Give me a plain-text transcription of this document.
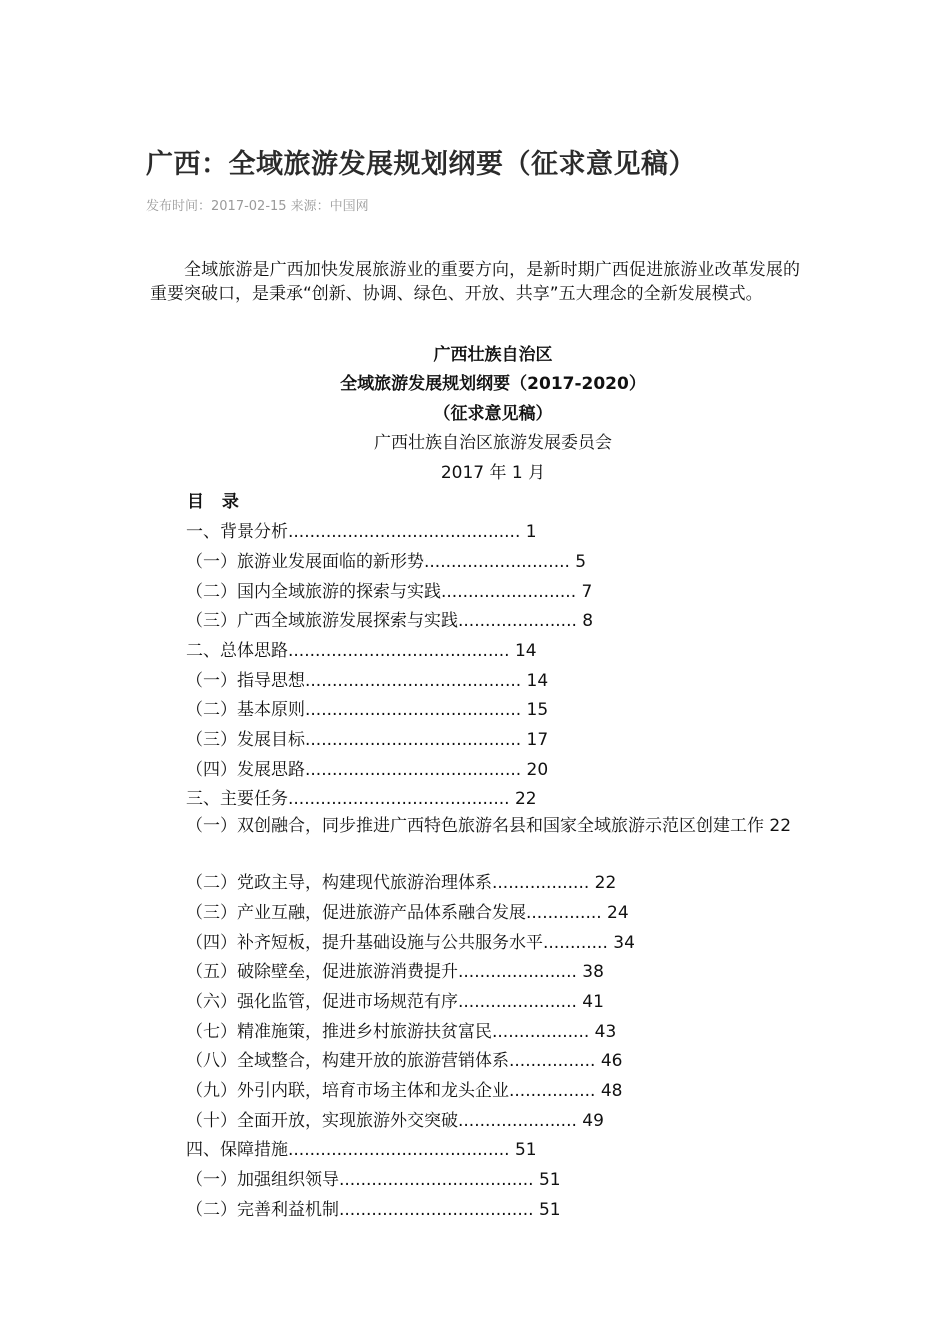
广西：全域旅游发展规划纲要（征求意见稿）
发布时间：2017-02-15 来源：中国网
全域旅游是广西加快发展旅游业的重要方向，是新时期广西促进旅游业改革发展的重要突破口，是秉承“创新、协调、绿色、开放、共享”五大理念的全新发展模式。
广西壮族自治区
全域旅游发展规划纲要（2017-2020）
（征求意见稿）
广西壮族自治区旅游发展委员会
2017 年 1 月
目 录
一、背景分析........................................... 1
（一）旅游业发展面临的新形势........................... 5
（二）国内全域旅游的探索与实践......................... 7
（三）广西全域旅游发展探索与实践...................... 8
二、总体思路......................................... 14
（一）指导思想........................................ 14
（二）基本原则........................................ 15
（三）发展目标........................................ 17
（四）发展思路........................................ 20
三、主要任务......................................... 22
（一）双创融合，同步推进广西特色旅游名县和国家全域旅游示范区创建工作 22
（二）党政主导，构建现代旅游治理体系.................. 22
（三）产业互融，促进旅游产品体系融合发展.............. 24
（四）补齐短板，提升基础设施与公共服务水平............ 34
（五）破除壁垒，促进旅游消费提升...................... 38
（六）强化监管，促进市场规范有序...................... 41
（七）精准施策，推进乡村旅游扶贫富民.................. 43
（八）全域整合，构建开放的旅游营销体系................ 46
（九）外引内联，培育市场主体和龙头企业................ 48
（十）全面开放，实现旅游外交突破...................... 49
四、保障措施......................................... 51
（一）加强组织领导.................................... 51
（二）完善利益机制.................................... 51
